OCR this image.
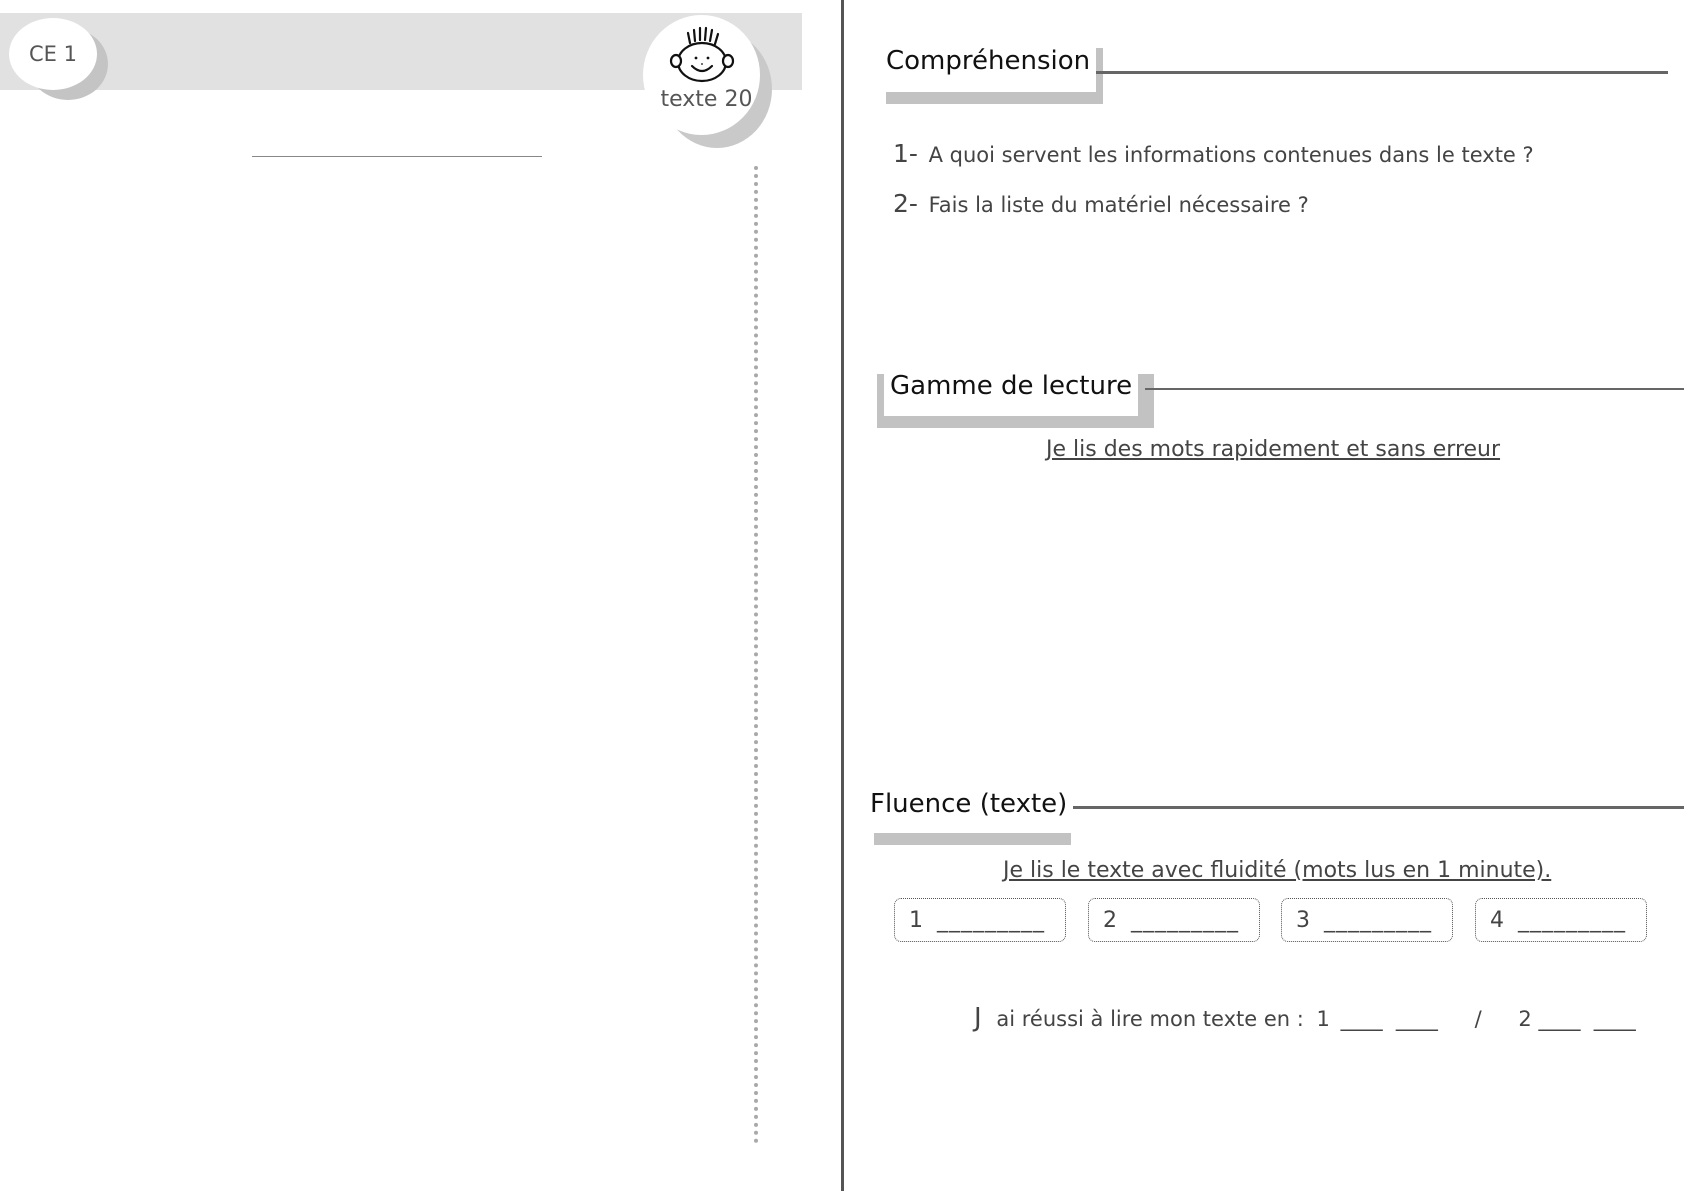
CE 1
texte 20
Compréhension
1- A quoi servent les informations contenues dans le texte ?
2- Fais la liste du matériel nécessaire ?
Gamme de lecture
Je lis des mots rapidement et sans erreur
Fluence (texte)
Je lis le texte avec fluidité (mots lus en 1 minute).
1 _________	2 _________	3 _________	4 _________
J ai réussi à lire mon texte en : 1 ____  ____ / 2 ____  ____
